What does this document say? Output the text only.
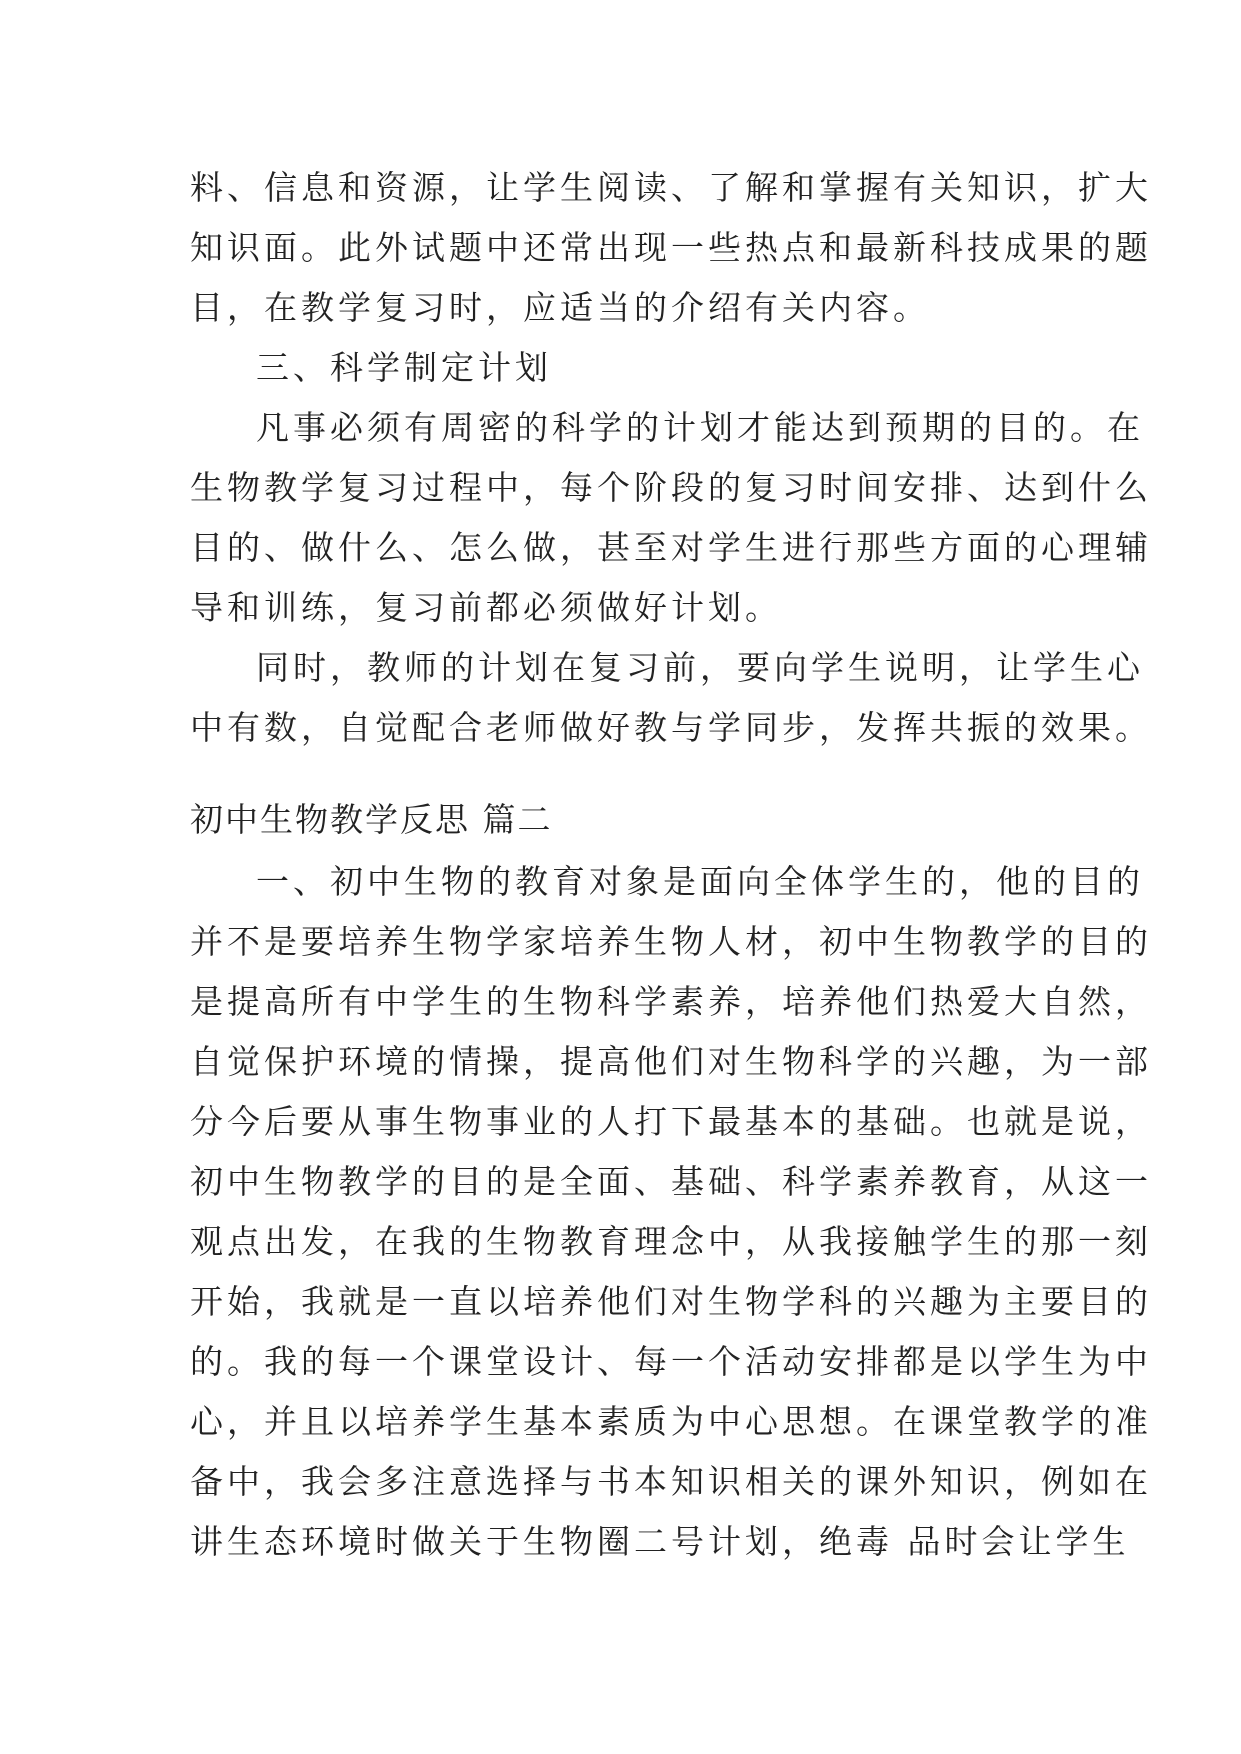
料、信息和资源，让学生阅读、了解和掌握有关知识，扩大
知识面。此外试题中还常出现一些热点和最新科技成果的题
目，在教学复习时，应适当的介绍有关内容。
三、科学制定计划
凡事必须有周密的科学的计划才能达到预期的目的。在
生物教学复习过程中，每个阶段的复习时间安排、达到什么
目的、做什么、怎么做，甚至对学生进行那些方面的心理辅
导和训练，复习前都必须做好计划。
同时，教师的计划在复习前，要向学生说明，让学生心
中有数，自觉配合老师做好教与学同步，发挥共振的效果。
初中生物教学反思 篇二
一、初中生物的教育对象是面向全体学生的，他的目的
并不是要培养生物学家培养生物人材，初中生物教学的目的
是提高所有中学生的生物科学素养，培养他们热爱大自然，
自觉保护环境的情操，提高他们对生物科学的兴趣，为一部
分今后要从事生物事业的人打下最基本的基础。也就是说，
初中生物教学的目的是全面、基础、科学素养教育，从这一
观点出发，在我的生物教育理念中，从我接触学生的那一刻
开始，我就是一直以培养他们对生物学科的兴趣为主要目的
的。我的每一个课堂设计、每一个活动安排都是以学生为中
心，并且以培养学生基本素质为中心思想。在课堂教学的准
备中，我会多注意选择与书本知识相关的课外知识，例如在
讲生态环境时做关于生物圈二号计划，绝毒 品时会让学生
